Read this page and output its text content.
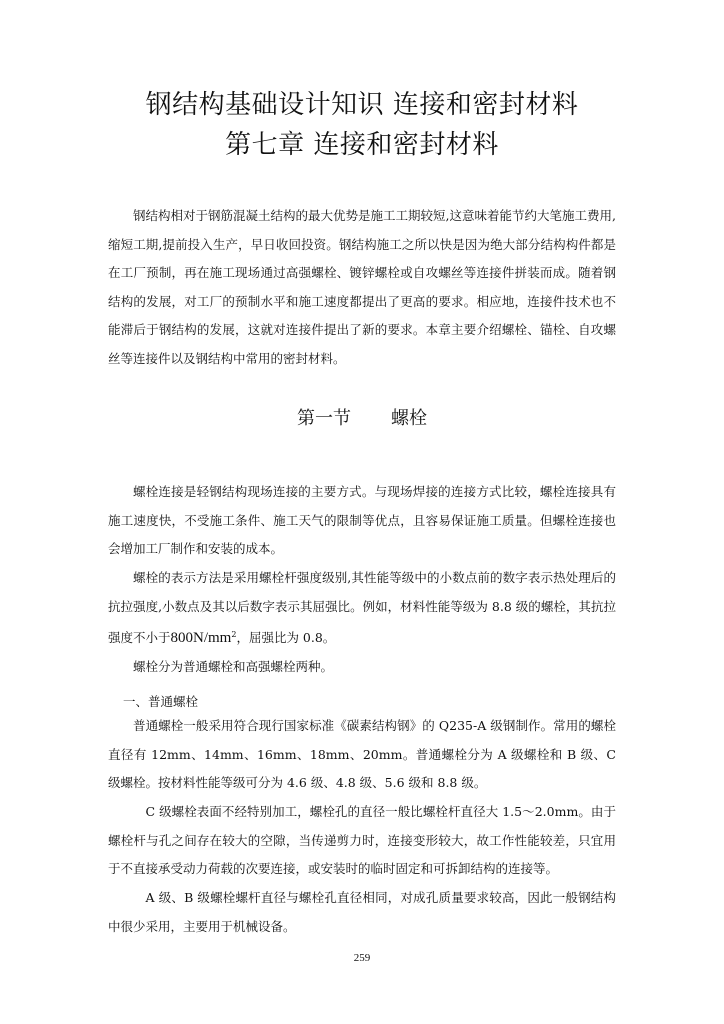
钢结构基础设计知识 连接和密封材料
第七章 连接和密封材料

钢结构相对于钢筋混凝土结构的最大优势是施工工期较短,这意味着能节约大笔施工费用,缩短工期,提前投入生产，早日收回投资。钢结构施工之所以快是因为绝大部分结构构件都是在工厂预制，再在施工现场通过高强螺栓、镀锌螺栓或自攻螺丝等连接件拼装而成。随着钢结构的发展，对工厂的预制水平和施工速度都提出了更高的要求。相应地，连接件技术也不能滞后于钢结构的发展，这就对连接件提出了新的要求。本章主要介绍螺栓、锚栓、自攻螺丝等连接件以及钢结构中常用的密封材料。

第一节 螺栓

螺栓连接是轻钢结构现场连接的主要方式。与现场焊接的连接方式比较，螺栓连接具有施工速度快，不受施工条件、施工天气的限制等优点，且容易保证施工质量。但螺栓连接也会增加工厂制作和安装的成本。

螺栓的表示方法是采用螺栓杆强度级别,其性能等级中的小数点前的数字表示热处理后的抗拉强度,小数点及其以后数字表示其屈强比。例如，材料性能等级为 8.8 级的螺栓，其抗拉强度不小于$800N/mm^2$，屈强比为 0.8。

螺栓分为普通螺栓和高强螺栓两种。

一、普通螺栓

普通螺栓一般采用符合现行国家标准《碳素结构钢》的 Q235-A 级钢制作。常用的螺栓直径有 12mm、14mm、16mm、18mm、20mm。普通螺栓分为 A 级螺栓和 B 级、C 级螺栓。按材料性能等级可分为 4.6 级、4.8 级、5.6 级和 8.8 级。

C 级螺栓表面不经特别加工，螺栓孔的直径一般比螺栓杆直径大 1.5～2.0mm。由于螺栓杆与孔之间存在较大的空隙，当传递剪力时，连接变形较大，故工作性能较差，只宜用于不直接承受动力荷载的次要连接，或安装时的临时固定和可拆卸结构的连接等。

A 级、B 级螺栓螺杆直径与螺栓孔直径相同，对成孔质量要求较高，因此一般钢结构中很少采用，主要用于机械设备。

259
